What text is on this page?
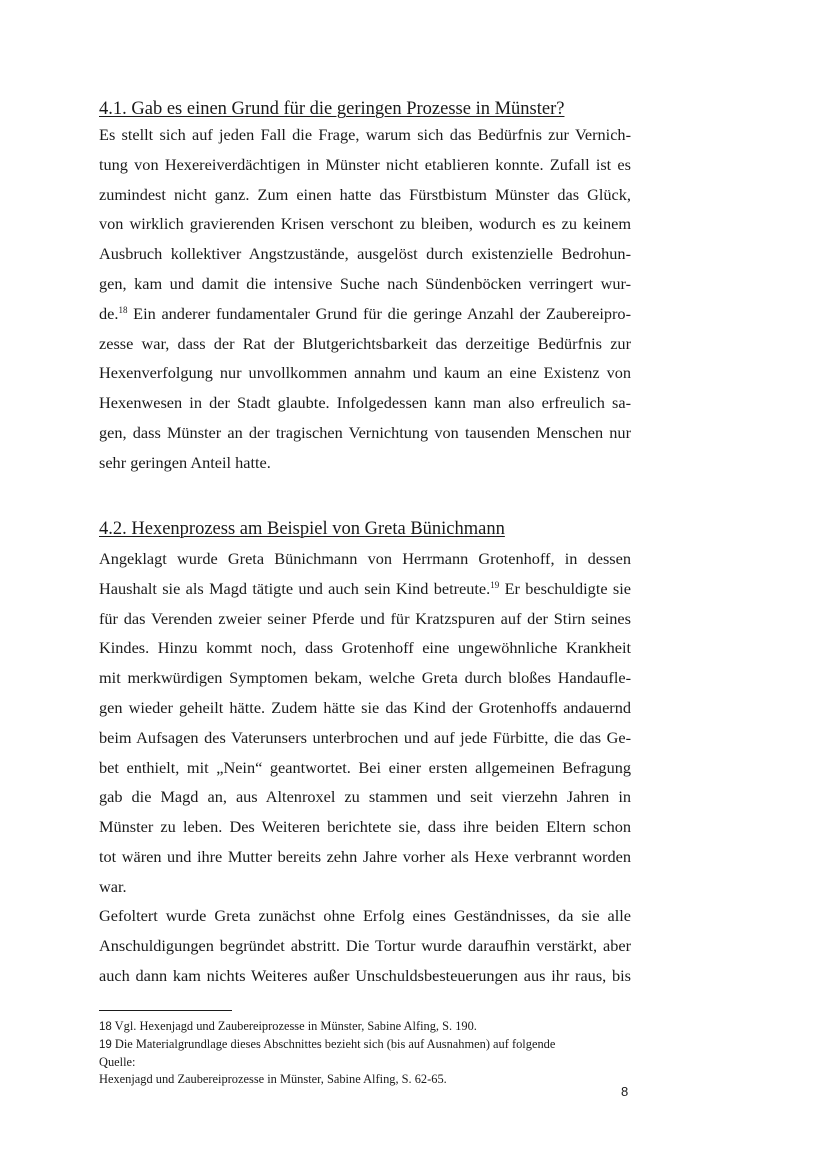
4.1. Gab es einen Grund für die geringen Prozesse in Münster?
Es stellt sich auf jeden Fall die Frage, warum sich das Bedürfnis zur Vernich-
tung von Hexereiverdächtigen in Münster nicht etablieren konnte. Zufall ist es
zumindest nicht ganz. Zum einen hatte das Fürstbistum Münster das Glück,
von wirklich gravierenden Krisen verschont zu bleiben, wodurch es zu keinem
Ausbruch kollektiver Angstzustände, ausgelöst durch existenzielle Bedrohun-
gen, kam und damit die intensive Suche nach Sündenböcken verringert wur-
de.$^{18}$ Ein anderer fundamentaler Grund für die geringe Anzahl der Zaubereipro-
zesse war, dass der Rat der Blutgerichtsbarkeit das derzeitige Bedürfnis zur
Hexenverfolgung nur unvollkommen annahm und kaum an eine Existenz von
Hexenwesen in der Stadt glaubte. Infolgedessen kann man also erfreulich sa-
gen, dass Münster an der tragischen Vernichtung von tausenden Menschen nur
sehr geringen Anteil hatte.
4.2. Hexenprozess am Beispiel von Greta Bünichmann
Angeklagt wurde Greta Bünichmann von Herrmann Grotenhoff, in dessen
Haushalt sie als Magd tätigte und auch sein Kind betreute.$^{19}$ Er beschuldigte sie
für das Verenden zweier seiner Pferde und für Kratzspuren auf der Stirn seines
Kindes. Hinzu kommt noch, dass Grotenhoff eine ungewöhnliche Krankheit
mit merkwürdigen Symptomen bekam, welche Greta durch bloßes Handaufle-
gen wieder geheilt hätte. Zudem hätte sie das Kind der Grotenhoffs andauernd
beim Aufsagen des Vaterunsers unterbrochen und auf jede Fürbitte, die das Ge-
bet enthielt, mit „Nein“ geantwortet. Bei einer ersten allgemeinen Befragung
gab die Magd an, aus Altenroxel zu stammen und seit vierzehn Jahren in
Münster zu leben. Des Weiteren berichtete sie, dass ihre beiden Eltern schon
tot wären und ihre Mutter bereits zehn Jahre vorher als Hexe verbrannt worden
war.
Gefoltert wurde Greta zunächst ohne Erfolg eines Geständnisses, da sie alle
Anschuldigungen begründet abstritt. Die Tortur wurde daraufhin verstärkt, aber
auch dann kam nichts Weiteres außer Unschuldsbesteuerungen aus ihr raus, bis
18 Vgl. Hexenjagd und Zaubereiprozesse in Münster, Sabine Alfing, S. 190.
19 Die Materialgrundlage dieses Abschnittes bezieht sich (bis auf Ausnahmen) auf folgende
Quelle:
Hexenjagd und Zaubereiprozesse in Münster, Sabine Alfing, S. 62-65.
8
